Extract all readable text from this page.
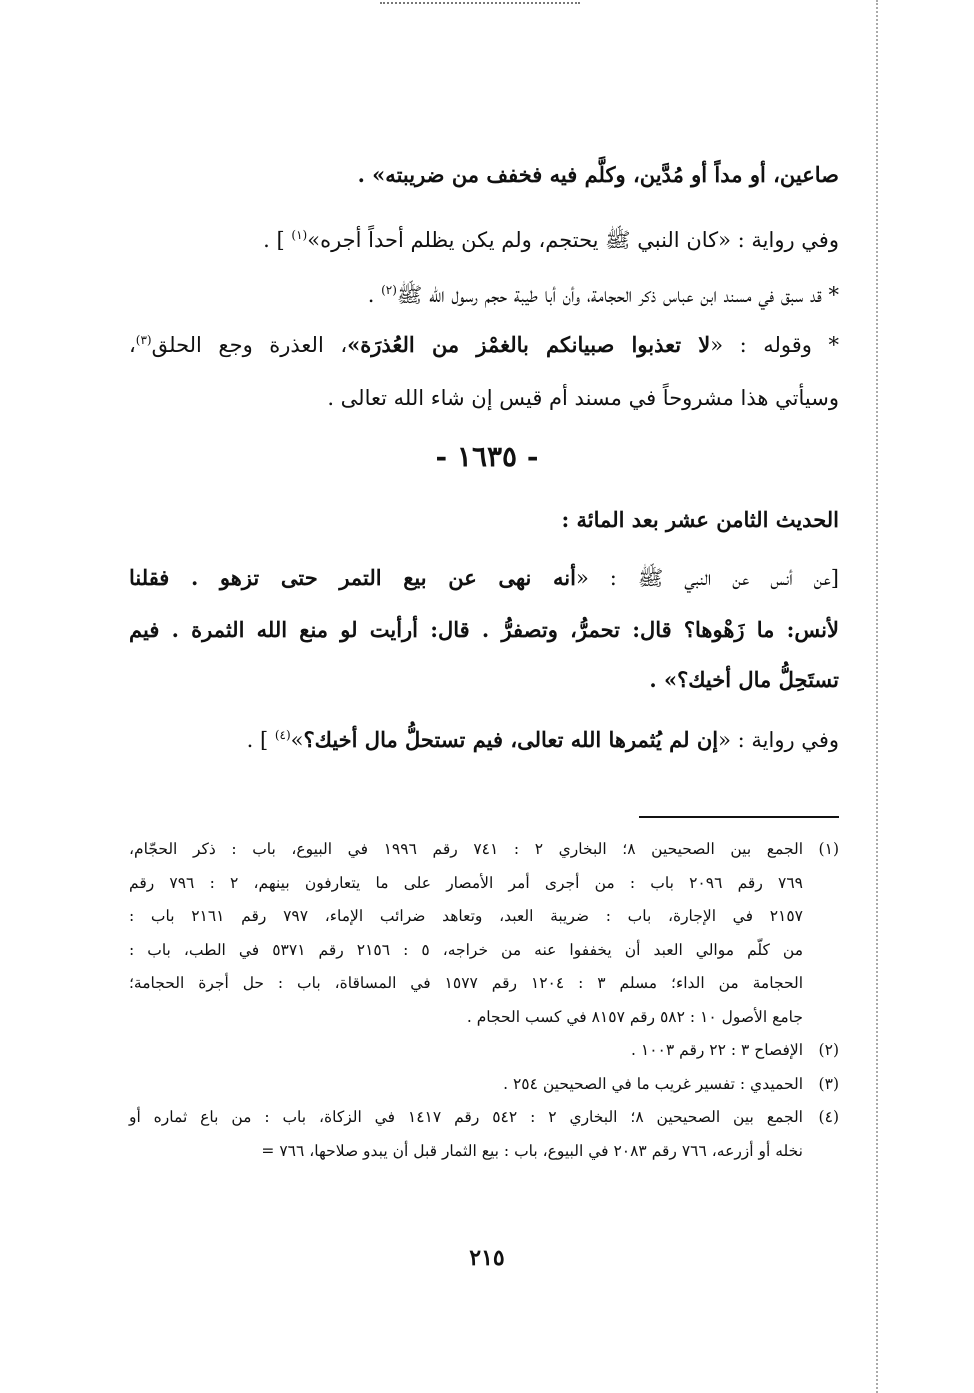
صاعين، أو مداً أو مُدَّين، وكلَّم فيه فخفف من ضريبته» .
وفي رواية : «كان النبي ﷺ يحتجم، ولم يكن يظلم أحداً أجره»$^{(١)}$ ] .
* قد سبق في مسند ابن عباس ذكر الحجامة، وأن أبا طيبة حجم رسول الله ﷺ$^{(٢)}$ .
* وقوله : «لا تعذبوا صبيانكم بالغمْز من العُذرَة»، العذرة وجع الحلق$^{(٣)}$،
وسيأتي هذا مشروحاً في مسند أم قيس إن شاء الله تعالى .
- ١٦٣٥ -
الحديث الثامن عشر بعد المائة :
[عن أنس عن النبي ﷺ : «أنه نهى عن بيع التمر حتى تزهو . فقلنا
لأنس: ما زَهْوها؟ قال: تحمرُّ، وتصفرُّ . قال: أرأيت لو منع الله الثمرة . فيم
تستَحِلُّ مال أخيك؟» .
وفي رواية : «إن لم يُثمرها الله تعالى، فيم تستحلُّ مال أخيك؟»$^{(٤)}$ ] .
(١)الجمع بين الصحيحين ٨؛ البخاري ٢ : ٧٤١ رقم ١٩٩٦ في البيوع، باب : ذكر الحجّام،
٧٦٩ رقم ٢٠٩٦ باب : من أجرى أمر الأمصار على ما يتعارفون بينهم، ٢ : ٧٩٦ رقم
٢١٥٧ في الإجارة، باب : ضريبة العبد، وتعاهد ضرائب الإماء، ٧٩٧ رقم ٢١٦١ باب :
من كلّم موالي العبد أن يخففوا عنه من خراجه، ٥ : ٢١٥٦ رقم ٥٣٧١ في الطب، باب :
الحجامة من الداء؛ مسلم ٣ : ١٢٠٤ رقم ١٥٧٧ في المساقاة، باب : حل أجرة الحجامة؛
جامع الأصول ١٠ : ٥٨٢ رقم ٨١٥٧ في كسب الحجام .
(٢)الإفصاح ٣ : ٢٢ رقم ١٠٠٣ .
(٣)الحميدي : تفسير غريب ما في الصحيحين ٢٥٤ .
(٤)الجمع بين الصحيحين ٨؛ البخاري ٢ : ٥٤٢ رقم ١٤١٧ في الزكاة، باب : من باع ثماره أو
نخله أو أزرعه، ٧٦٦ رقم ٢٠٨٣ في البيوع، باب : بيع الثمار قبل أن يبدو صلاحها، ٧٦٦ =
٢١٥
